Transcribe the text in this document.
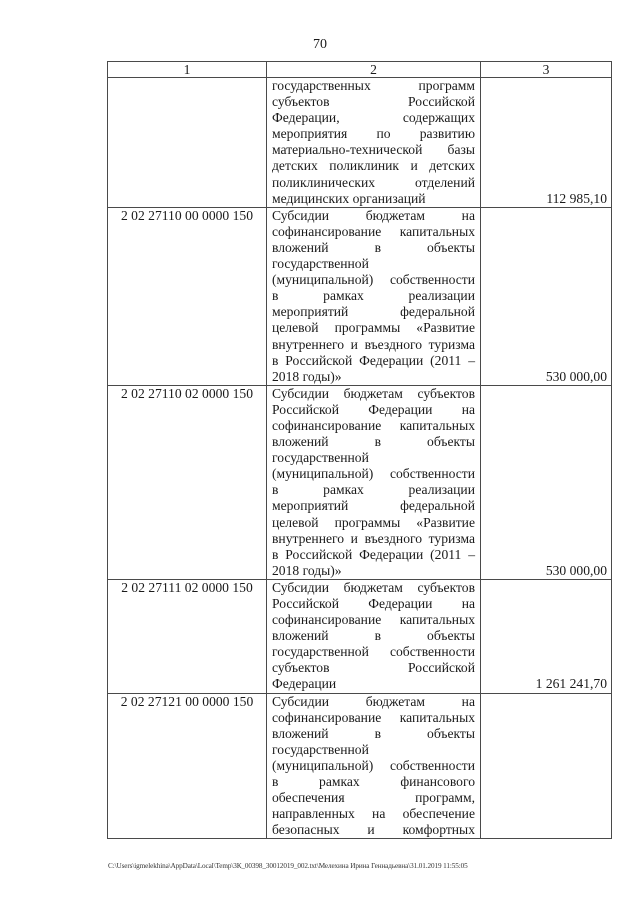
70
1	2	3

государственных программ
субъектов Российской
Федерации, содержащих
мероприятия по развитию
материально-технической базы
детских поликлиник и детских
поликлинических отделений
медицинских организаций	112 985,10
2 02 27110 00 0000 150	Субсидии бюджетам на
софинансирование капитальных
вложений в объекты
государственной
(муниципальной) собственности
в рамках реализации
мероприятий федеральной
целевой программы «Развитие
внутреннего и въездного туризма
в Российской Федерации (2011 –
2018 годы)»	530 000,00
2 02 27110 02 0000 150	Субсидии бюджетам субъектов
Российской Федерации на
софинансирование капитальных
вложений в объекты
государственной
(муниципальной) собственности
в рамках реализации
мероприятий федеральной
целевой программы «Развитие
внутреннего и въездного туризма
в Российской Федерации (2011 –
2018 годы)»	530 000,00
2 02 27111 02 0000 150	Субсидии бюджетам субъектов
Российской Федерации на
софинансирование капитальных
вложений в объекты
государственной собственности
субъектов Российской
Федерации	1 261 241,70
2 02 27121 00 0000 150	Субсидии бюджетам на
софинансирование капитальных
вложений в объекты
государственной
(муниципальной) собственности
в рамках финансового
обеспечения программ,
направленных на обеспечение
безопасных и комфортных

C:\Users\igmelekhina\AppData\Local\Temp\3К_00398_30012019_002.txt\Мелехина Ирина Геннадьевна\31.01.2019 11:55:05
